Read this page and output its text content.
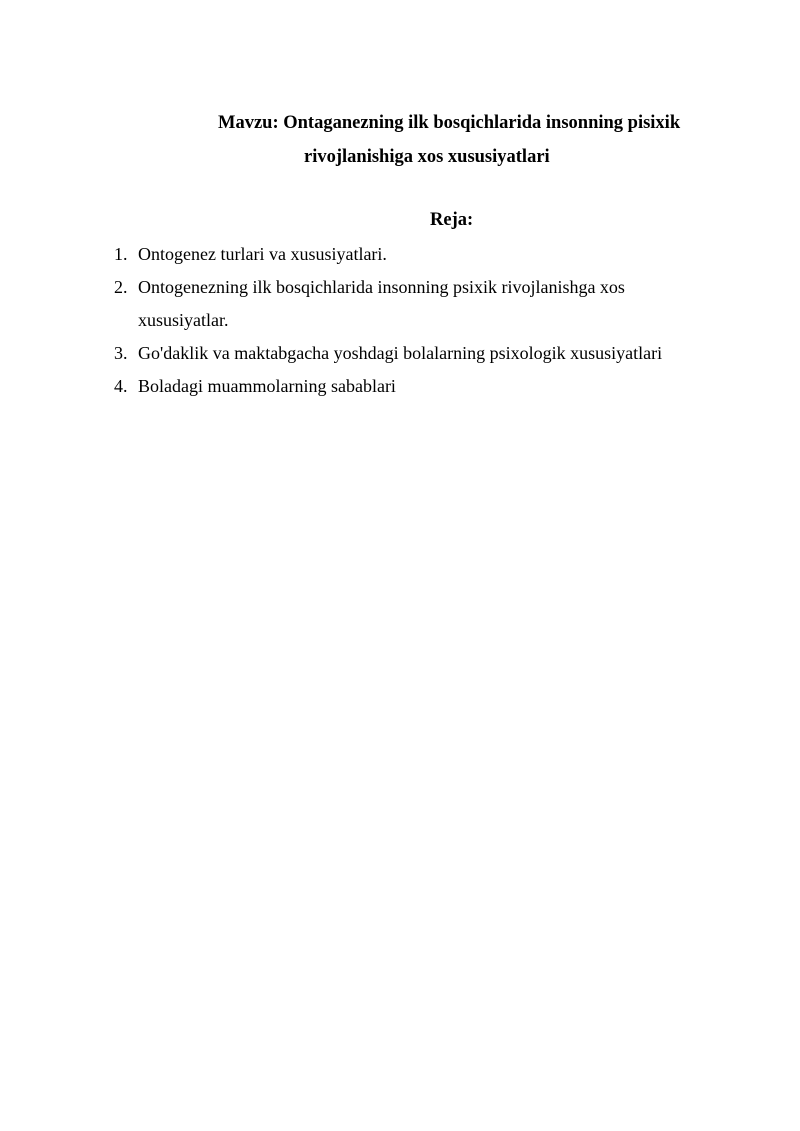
Mavzu: Ontaganezning ilk bosqichlarida insonning pisixik
rivojlanishiga xos xususiyatlari
Reja:
1. Ontogenez turlari va xususiyatlari.
2. Ontogenezning ilk bosqichlarida insonning psixik rivojlanishga xos xususiyatlar.
3. Go'daklik va maktabgacha yoshdagi bolalarning psixologik xususiyatlari
4. Boladagi muammolarning sabablari
